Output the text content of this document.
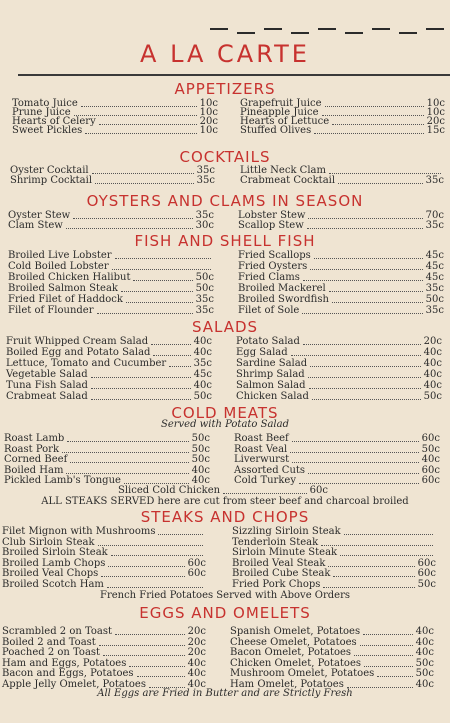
A LA CARTE
APPETIZERS
COCKTAILS
OYSTERS AND CLAMS IN SEASON
FISH AND SHELL FISH
SALADS
COLD MEATS
Served with Potato Salad
Sliced Cold Chicken	60c
ALL STEAKS SERVED here are cut from steer beef and charcoal broiled
STEAKS AND CHOPS
French Fried Potatoes Served with Above Orders
EGGS AND OMELETS
All Eggs are Fried in Butter and are Strictly Fresh
Tomato Juice	10c
Prune Juice	10c
Hearts of Celery	20c
Sweet Pickles	10c
Grapefruit Juice	10c
Pineapple Juice	10c
Hearts of Lettuce	20c
Stuffed Olives	15c
Oyster Cocktail	35c
Shrimp Cocktail	35c
Little Neck Clam
Crabmeat Cocktail	35c
Oyster Stew	35c
Clam Stew	30c
Lobster Stew	70c
Scallop Stew	35c
Broiled Live Lobster
Cold Boiled Lobster
Broiled Chicken Halibut	50c
Broiled Salmon Steak	50c
Fried Filet of Haddock	35c
Filet of Flounder	35c
Fried Scallops	45c
Fried Oysters	45c
Fried Clams	45c
Broiled Mackerel	35c
Broiled Swordfish	50c
Filet of Sole	35c
Fruit Whipped Cream Salad	40c
Boiled Egg and Potato Salad	40c
Lettuce, Tomato and Cucumber	35c
Vegetable Salad	45c
Tuna Fish Salad	40c
Crabmeat Salad	50c
Potato Salad	20c
Egg Salad	40c
Sardine Salad	40c
Shrimp Salad	40c
Salmon Salad	40c
Chicken Salad	50c
Roast Lamb	50c
Roast Pork	50c
Corned Beef	50c
Boiled Ham	40c
Pickled Lamb's Tongue	40c
Roast Beef	60c
Roast Veal	50c
Liverwurst	40c
Assorted Cuts	60c
Cold Turkey	60c
Filet Mignon with Mushrooms
Club Sirloin Steak
Broiled Sirloin Steak
Broiled Lamb Chops	60c
Broiled Veal Chops	60c
Broiled Scotch Ham
Sizzling Sirloin Steak
Tenderloin Steak
Sirloin Minute Steak
Broiled Veal Steak	60c
Broiled Cube Steak	60c
Fried Pork Chops	50c
Scrambled 2 on Toast	20c
Boiled 2 and Toast	20c
Poached 2 on Toast	20c
Ham and Eggs, Potatoes	40c
Bacon and Eggs, Potatoes	40c
Apple Jelly Omelet, Potatoes	40c
Spanish Omelet, Potatoes	40c
Cheese Omelet, Potatoes	40c
Bacon Omelet, Potatoes	40c
Chicken Omelet, Potatoes	50c
Mushroom Omelet, Potatoes	50c
Ham Omelet, Potatoes	40c
